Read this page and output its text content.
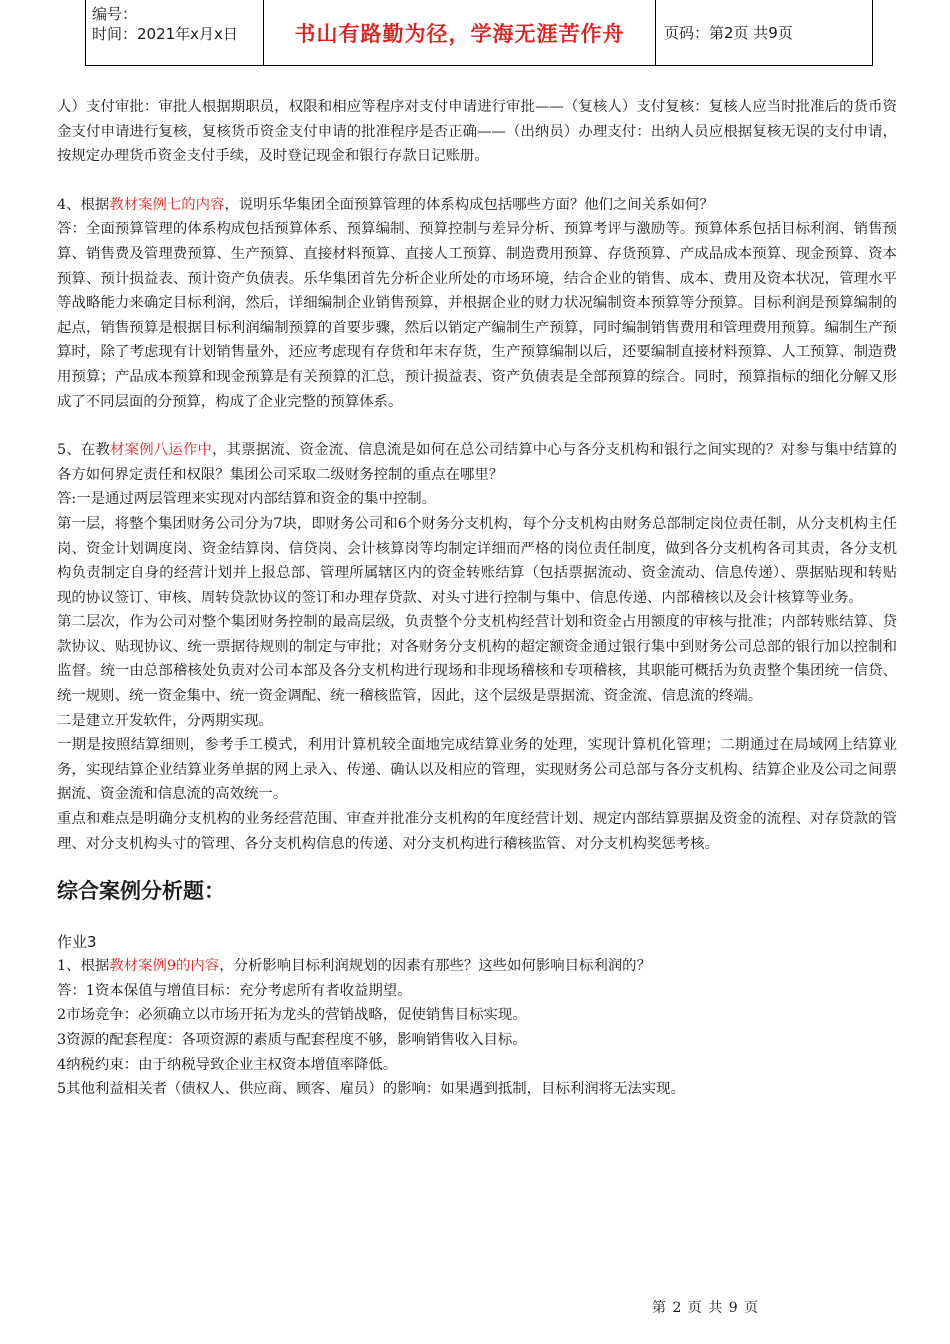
编号：
时间：2021年x月x日	书山有路勤为径，学海无涯苦作舟	页码：第2页 共9页

人）支付审批：审批人根据期职员，权限和相应等程序对支付申请进行审批——（复核人）支付复核：复核人应当时批准后的货币资金支付申请进行复核，复核货币资金支付申请的批准程序是否正确——（出纳员）办理支付：出纳人员应根据复核无误的支付申请，按规定办理货币资金支付手续，及时登记现金和银行存款日记账册。

4、根据教材案例七的内容，说明乐华集团全面预算管理的体系构成包括哪些方面？他们之间关系如何？

答：全面预算管理的体系构成包括预算体系、预算编制、预算控制与差异分析、预算考评与激励等。预算体系包括目标利润、销售预算、销售费及管理费预算、生产预算、直接材料预算、直接人工预算、制造费用预算、存货预算、产成品成本预算、现金预算、资本预算、预计损益表、预计资产负债表。乐华集团首先分析企业所处的市场环境，结合企业的销售、成本、费用及资本状况，管理水平等战略能力来确定目标利润，然后，详细编制企业销售预算，并根据企业的财力状况编制资本预算等分预算。目标利润是预算编制的起点，销售预算是根据目标利润编制预算的首要步骤，然后以销定产编制生产预算，同时编制销售费用和管理费用预算。编制生产预算时，除了考虑现有计划销售量外，还应考虑现有存货和年末存货，生产预算编制以后，还要编制直接材料预算、人工预算、制造费用预算；产品成本预算和现金预算是有关预算的汇总，预计损益表、资产负债表是全部预算的综合。同时，预算指标的细化分解又形成了不同层面的分预算，构成了企业完整的预算体系。

5、在教材案例八运作中，其票据流、资金流、信息流是如何在总公司结算中心与各分支机构和银行之间实现的？对参与集中结算的各方如何界定责任和权限？集团公司采取二级财务控制的重点在哪里？

答:一是通过两层管理来实现对内部结算和资金的集中控制。

第一层，将整个集团财务公司分为7块，即财务公司和6个财务分支机构，每个分支机构由财务总部制定岗位责任制，从分支机构主任岗、资金计划调度岗、资金结算岗、信贷岗、会计核算岗等均制定详细而严格的岗位责任制度，做到各分支机构各司其责，各分支机构负责制定自身的经营计划并上报总部、管理所属辖区内的资金转账结算（包括票据流动、资金流动、信息传递）、票据贴现和转贴现的协议签订、审核、周转贷款协议的签订和办理存贷款、对头寸进行控制与集中、信息传递、内部稽核以及会计核算等业务。

第二层次，作为公司对整个集团财务控制的最高层级，负责整个分支机构经营计划和资金占用额度的审核与批准；内部转账结算、贷款协议、贴现协议、统一票据待规则的制定与审批；对各财务分支机构的超定额资金通过银行集中到财务公司总部的银行加以控制和监督。统一由总部稽核处负责对公司本部及各分支机构进行现场和非现场稽核和专项稽核，其职能可概括为负责整个集团统一信贷、统一规则、统一资金集中、统一资金调配、统一稽核监管，因此，这个层级是票据流、资金流、信息流的终端。

二是建立开发软件，分两期实现。

一期是按照结算细则，参考手工模式，利用计算机较全面地完成结算业务的处理，实现计算机化管理；二期通过在局域网上结算业务，实现结算企业结算业务单据的网上录入、传递、确认以及相应的管理，实现财务公司总部与各分支机构、结算企业及公司之间票据流、资金流和信息流的高效统一。

重点和难点是明确分支机构的业务经营范围、审查并批准分支机构的年度经营计划、规定内部结算票据及资金的流程、对存贷款的管理、对分支机构头寸的管理、各分支机构信息的传递、对分支机构进行稽核监管、对分支机构奖惩考核。

综合案例分析题：

作业3

1、根据教材案例9的内容，分析影响目标利润规划的因素有那些？这些如何影响目标利润的？

答：1资本保值与增值目标：充分考虑所有者收益期望。

2市场竞争：必须确立以市场开拓为龙头的营销战略，促使销售目标实现。

3资源的配套程度：各项资源的素质与配套程度不够，影响销售收入目标。

4纳税约束：由于纳税导致企业主权资本增值率降低。

5其他利益相关者（债权人、供应商、顾客、雇员）的影响：如果遇到抵制，目标利润将无法实现。

第 2 页 共 9 页
